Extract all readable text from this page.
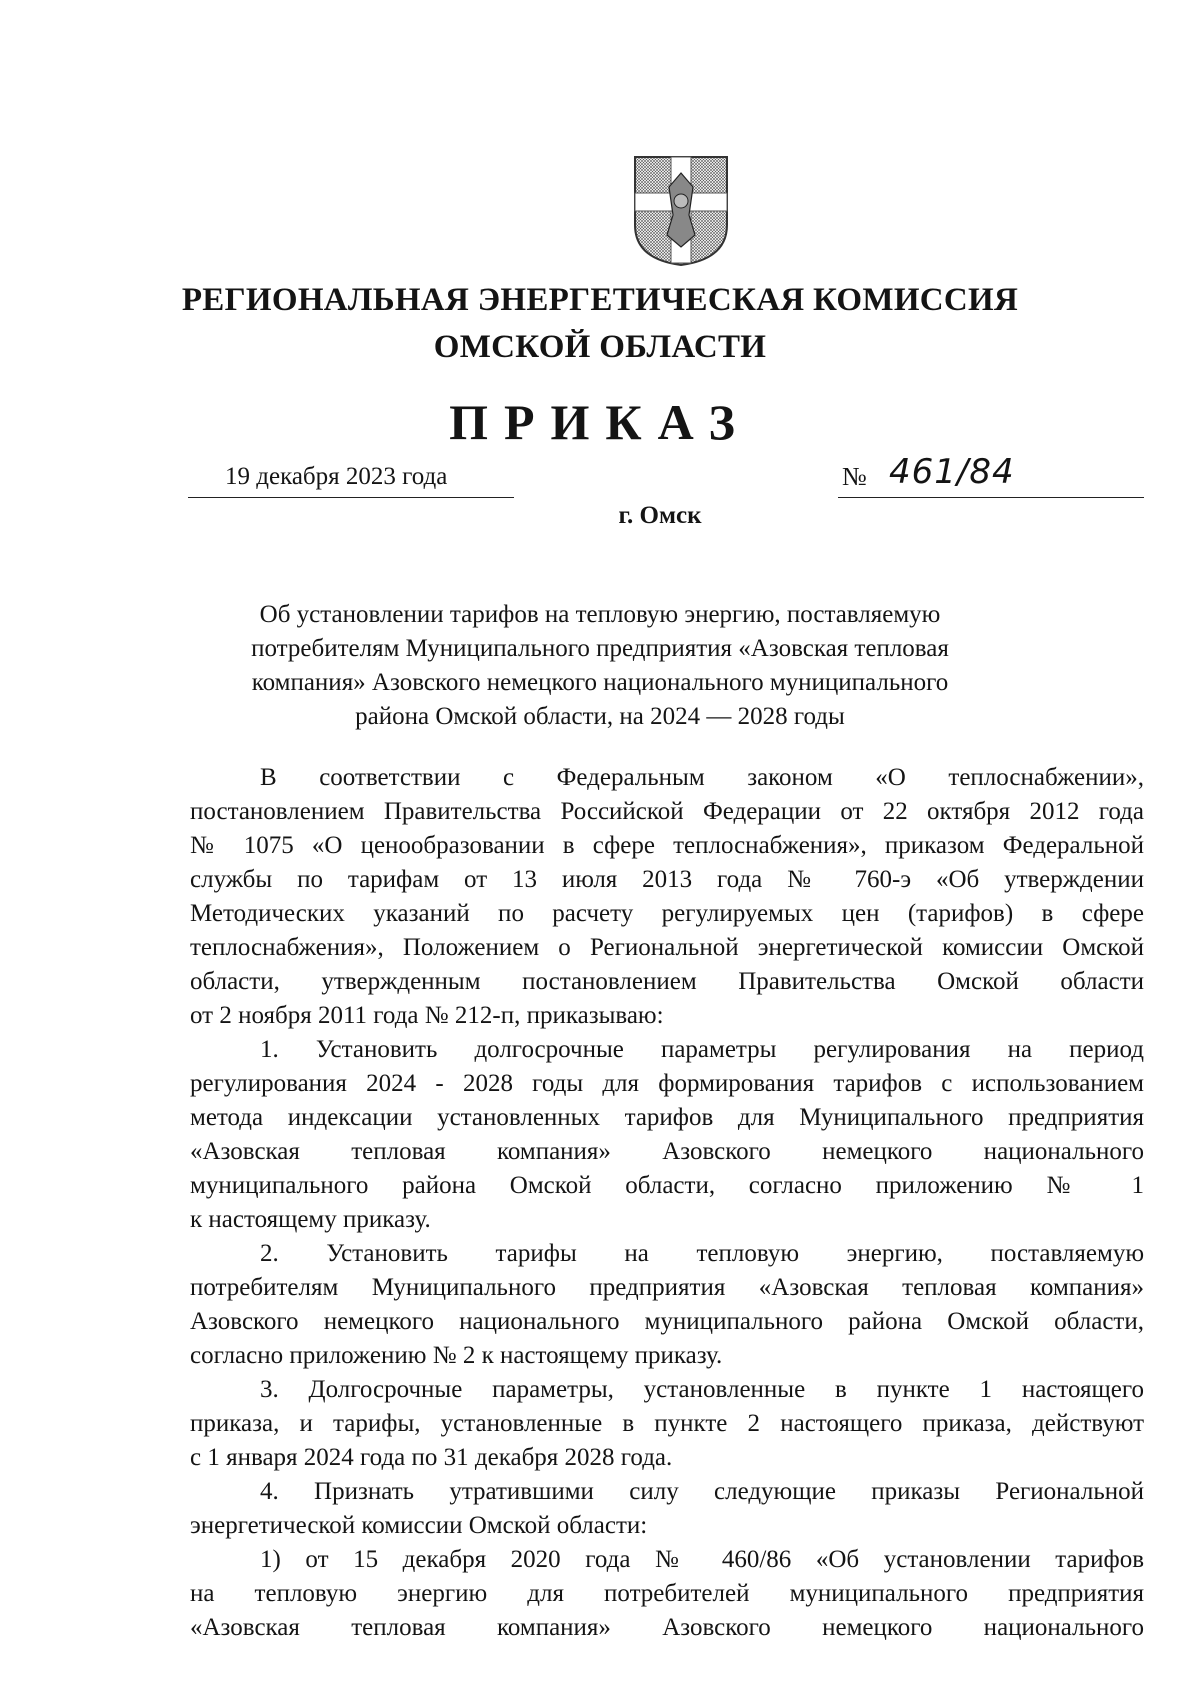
РЕГИОНАЛЬНАЯ ЭНЕРГЕТИЧЕСКАЯ КОМИССИЯ
ОМСКОЙ ОБЛАСТИ
ПРИКАЗ
19 декабря 2023 года	№ 461/84
г. Омск
Об установлении тарифов на тепловую энергию, поставляемую
потребителям Муниципального предприятия «Азовская тепловая
компания» Азовского немецкого национального муниципального
района Омской области, на 2024 — 2028 годы
В соответствии с Федеральным законом «О теплоснабжении»,
постановлением Правительства Российской Федерации от 22 октября 2012 года
№ 1075 «О ценообразовании в сфере теплоснабжения», приказом Федеральной
службы по тарифам от 13 июля 2013 года № 760-э «Об утверждении
Методических указаний по расчету регулируемых цен (тарифов) в сфере
теплоснабжения», Положением о Региональной энергетической комиссии Омской
области, утвержденным постановлением Правительства Омской области
от 2 ноября 2011 года № 212-п, приказываю:
1. Установить долгосрочные параметры регулирования на период
регулирования 2024 - 2028 годы для формирования тарифов с использованием
метода индексации установленных тарифов для Муниципального предприятия
«Азовская тепловая компания» Азовского немецкого национального
муниципального района Омской области, согласно приложению № 1
к настоящему приказу.
2. Установить тарифы на тепловую энергию, поставляемую
потребителям Муниципального предприятия «Азовская тепловая компания»
Азовского немецкого национального муниципального района Омской области,
согласно приложению № 2 к настоящему приказу.
3. Долгосрочные параметры, установленные в пункте 1 настоящего
приказа, и тарифы, установленные в пункте 2 настоящего приказа, действуют
с 1 января 2024 года по 31 декабря 2028 года.
4. Признать утратившими силу следующие приказы Региональной
энергетической комиссии Омской области:
1) от 15 декабря 2020 года № 460/86 «Об установлении тарифов
на тепловую энергию для потребителей муниципального предприятия
«Азовская тепловая компания» Азовского немецкого национального
